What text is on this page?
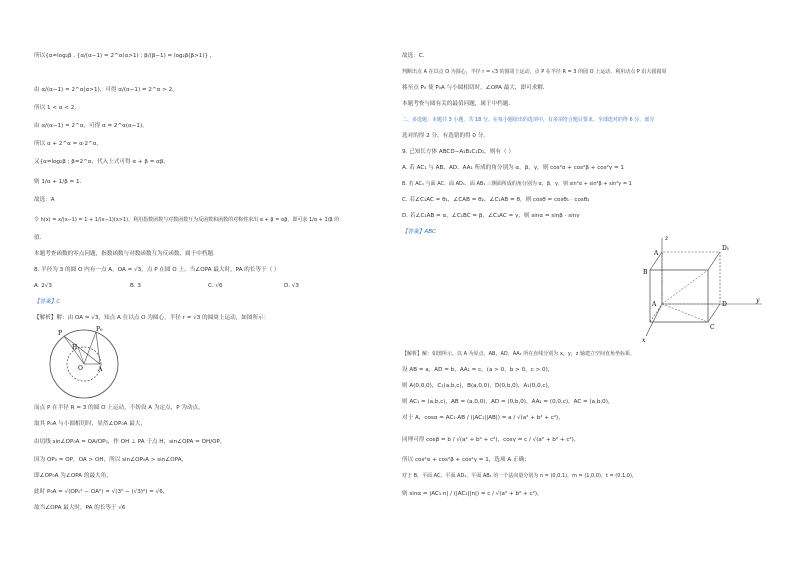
所以{α=log₂β , {α/(α−1) = 2^α(α>1) ; β/(β−1) = log₂β(β>1)} ,
由 α/(α−1) = 2^α(α>1)，可得 α/(α−1) = 2^α > 2，
所以 1 < α < 2．
由 α/(α−1) = 2^α，可得 α = 2^α(α−1)，
所以 α + 2^α = α·2^α．
又{α=log₂β ; β=2^α，代入上式可得 α + β = αβ，
则 1/α + 1/β = 1．
故选：A
令 h(x) = x/(x−1) = 1 + 1/(x−1)(x>1)，利用指数函数与对数函数互为反函数和函数的对称性求出 α + β = αβ，即可求 1/α + 1/β 的
值．
本题考查函数的零点问题，指数函数与对数函数互为反函数，属于中档题．
8. 半径为 3 的圆 O 内有一点 A，OA = √3，点 P 在圆 O 上，当∠OPA 最大时，PA 的长等于（ ）
A. 2√3	B. 3	C. √6	D. √3
【答案】C
【解析】解：由 OA = √3，知点 A 在以点 O 为圆心，半径 r = √3 的圆周上运动，如图所示：
P
P₀
H
O	A
而点 P 在半径 R = 3 的圆 O 上运动，不妨设 A 为定点，P 为动点，
取其 P₀A 与小圆相切时，显然∠OP₀A 最大，
由切线 sin∠OP₀A = OA/OP₀，作 OH ⊥ PA 于点 H，sin∠OPA = OH/OP，
因为 OP₀ = OP，OA > OH，所以 sin∠OP₀A > sin∠OPA，
即∠OP₀A 为∠OPA 的最大角，
此时 P₀A = √(OP₀² − OA²) = √(3² − (√3)²) = √6，
故当∠OPA 最大时，PA 的长等于 √6
故选：C．
判断出点 A 在以点 O 为圆心，半径 r = √3 的圆周上运动，点 P 在半径 R = 3 的圆 O 上运动，利用动点 P 沿大圆圆周
移至点 P₀ 使 P₀A 与小圆相切时，∠OPA 最大，即可求解．
本题考查与圆有关的最值问题，属于中档题．
二、多选题：本题共 3 小题，共 18 分。在每小题给出的选项中，有多项符合题目要求。全部选对的得 6 分，部分
选对的得 2 分，有选错的得 0 分。
9. 已知长方体 ABCD−A₁B₁C₁D₁，则有（ ）
A. 若 AC₁ 与 AB、AD、AA₁ 所成的角分别为 α，β，γ，则 cos²α + cos²β + cos²γ = 1
B. 若 AC₁ 与面 AC、面 AD₁、面 AB₁ 三侧面所成的角分别为 α，β，γ，则 sin²α + sin²β + sin²γ = 1
C. 若∠C₁AC = θ₁，∠CAB = θ₂，∠C₁AB = θ，则 cosθ = cosθ₁ · cosθ₂
D. 若∠C₁AB = α，∠C₁BC = β，∠C₁AC = γ，则 sinα = sinβ · sinγ
【答案】ABC
z
A
B
D₁
A	D
y
C
x
【解析】解：如图所示，以 A 为原点，AB，AD，AA₁ 所在直线分别为 x，y，z 轴建立空间直角坐标系，
设 AB = a，AD = b，AA₁ = c，(a > 0，b > 0，c > 0)，
则 A(0,0,0)，C₁(a,b,c)，B(a,0,0)，D(0,b,0)，A₁(0,0,c)，
则 AC₁ = (a,b,c)，AB = (a,0,0)，AD = (0,b,0)，AA₁ = (0,0,c)，AC = (a,b,0)，
对于 A，cosα = AC₁·AB / (|AC₁||AB|) = a / √(a² + b² + c²)，
同理可得 cosβ = b / √(a² + b² + c²)，cosγ = c / √(a² + b² + c²)，
所以 cos²α + cos²β + cos²γ = 1，选项 A 正确；
对于 B，平面 AC、平面 AD₁、平面 AB₁ 的一个法向量分别为 n = (0,0,1)，m = (1,0,0)，t = (0,1,0)，
则 sinα = |AC₁·n| / (|AC₁||n|) = c / √(a² + b² + c²)，
